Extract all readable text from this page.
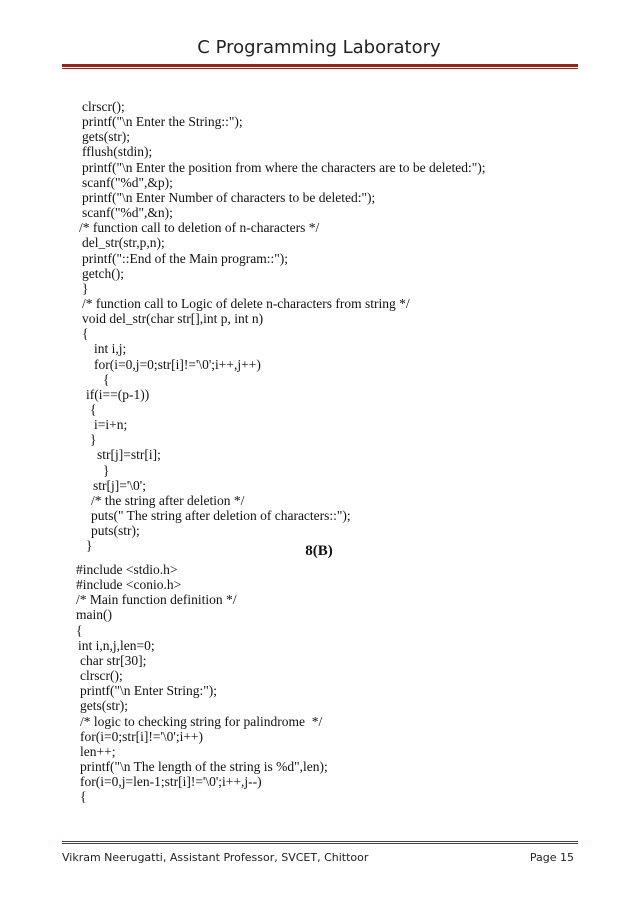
C Programming Laboratory
clrscr();
printf("\n Enter the String::");
gets(str);
fflush(stdin);
printf("\n Enter the position from where the characters are to be deleted:");
scanf("%d",&p);
printf("\n Enter Number of characters to be deleted:");
scanf("%d",&n);
/* function call to deletion of n-characters */
del_str(str,p,n);
printf("::End of the Main program::");
getch();
}
/* function call to Logic of delete n-characters from string */
void del_str(char str[],int p, int n)
{
int i,j;
for(i=0,j=0;str[i]!='\0';i++,j++)
{
if(i==(p-1))
{
i=i+n;
}
str[j]=str[i];
}
str[j]='\0';
/* the string after deletion */
puts(" The string after deletion of characters::");
puts(str);
}	8(B)
#include <stdio.h>
#include <conio.h>
/* Main function definition */
main()
{
int i,n,j,len=0;
char str[30];
clrscr();
printf("\n Enter String:");
gets(str);
/* logic to checking string for palindrome  */
for(i=0;str[i]!='\0';i++)
len++;
printf("\n The length of the string is %d",len);
for(i=0,j=len-1;str[i]!='\0';i++,j--)
{
Vikram Neerugatti, Assistant Professor, SVCET, Chittoor	Page 15
